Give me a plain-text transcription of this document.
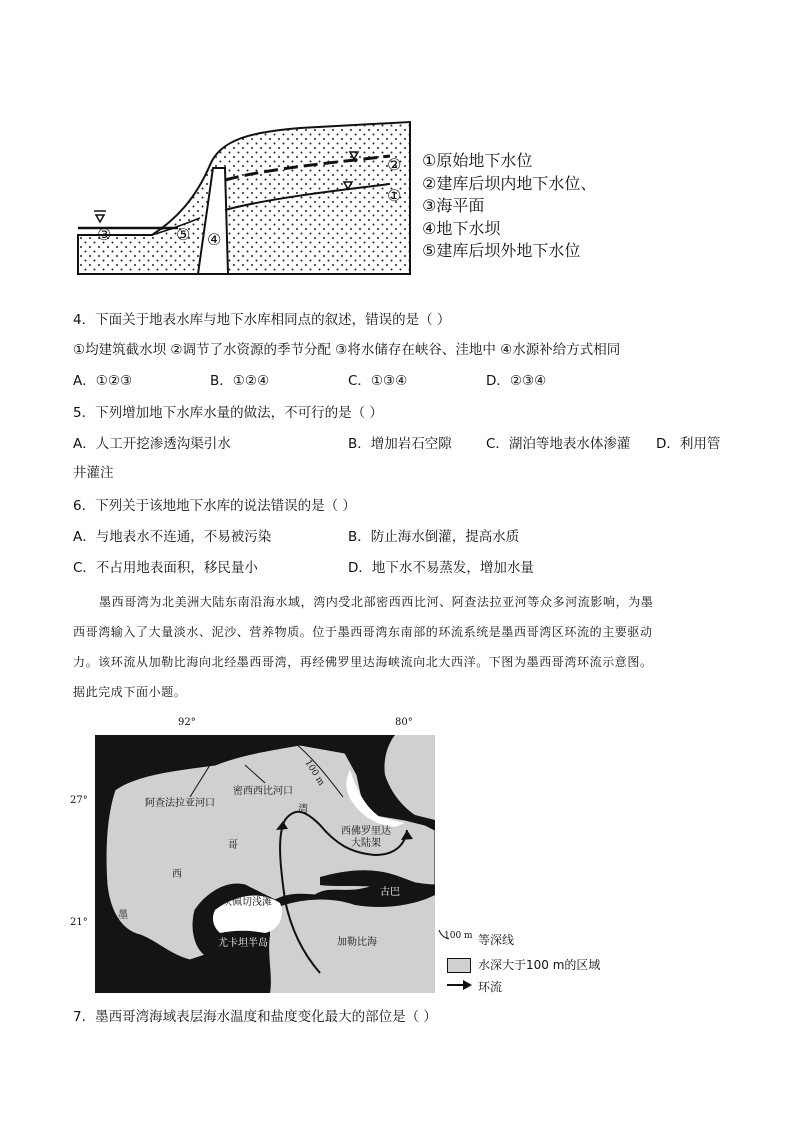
②
①
③	⑤ ④
①原始地下水位
②建库后坝内地下水位、
③海平面
④地下水坝
⑤建库后坝外地下水位
4．下面关于地表水库与地下水库相同点的叙述，错误的是（ ）
①均建筑截水坝 ②调节了水资源的季节分配 ③将水储存在峡谷、洼地中 ④水源补给方式相同
A．①②③	B．①②④	C．①③④	D．②③④
5．下列增加地下水库水量的做法，不可行的是（ ）
A．人工开挖渗透沟渠引水	B．增加岩石空隙	C．湖泊等地表水体渗灌 D．利用管
井灌注
6．下列关于该地地下水库的说法错误的是（ ）
A．与地表水不连通，不易被污染	B．防止海水倒灌，提高水质
C．不占用地表面积，移民量小	D．地下水不易蒸发，增加水量
墨西哥湾为北美洲大陆东南沿海水域，湾内受北部密西西比河、阿查法拉亚河等众多河流影响，为墨
西哥湾输入了大量淡水、泥沙、营养物质。位于墨西哥湾东南部的环流系统是墨西哥湾区环流的主要驱动
力。该环流从加勒比海向北经墨西哥湾，再经佛罗里达海峡流向北大西洋。下图为墨西哥湾环流示意图。
据此完成下面小题。
92°	80°
27°
21°
100 m
阿查法拉亚河口
密西西比河口
湾
哥
西
墨
西佛罗里达
大陆架
古巴
坎佩切浅滩
尤卡坦半岛	加勒比海
100 m 等深线
水深大于100 m的区域
环流
7．墨西哥湾海域表层海水温度和盐度变化最大的部位是（ ）
